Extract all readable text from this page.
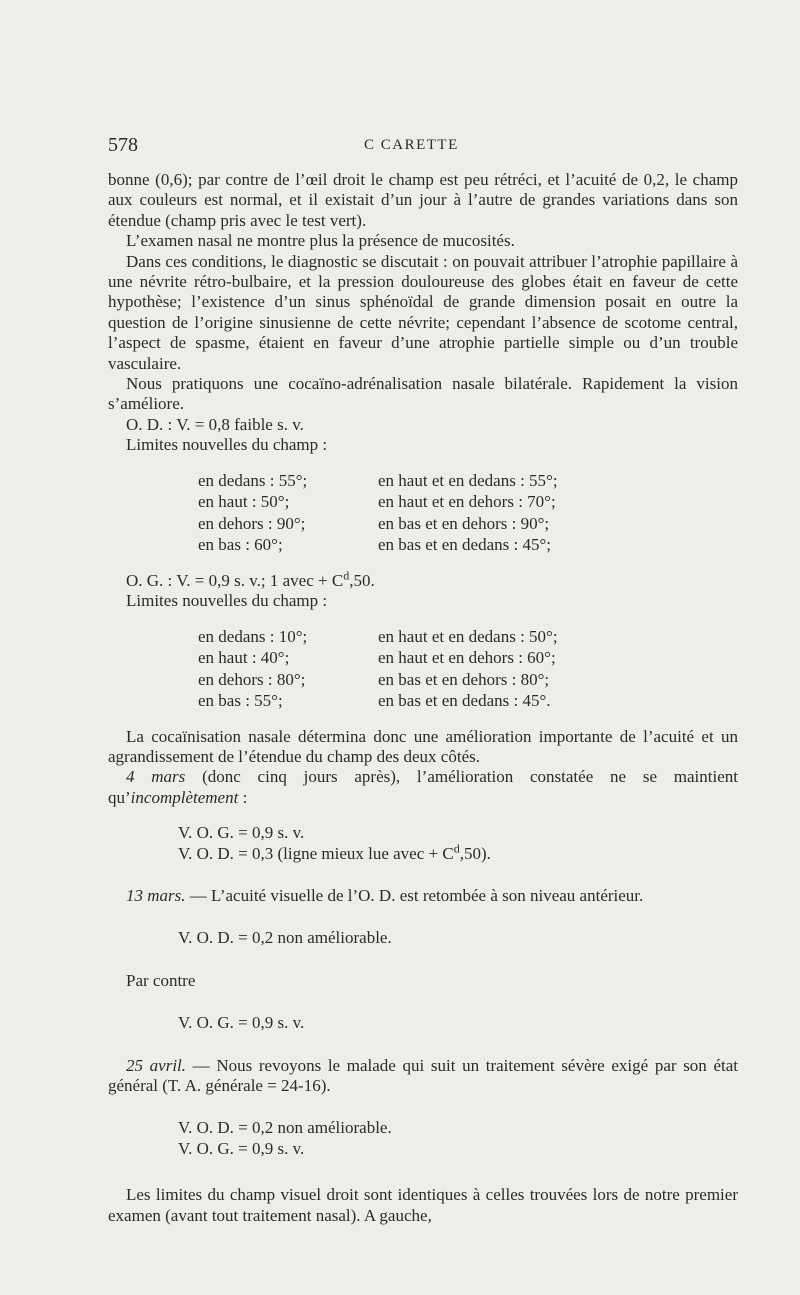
578	C CARETTE

bonne (0,6); par contre de l’œil droit le champ est peu rétréci, et l’acuité de 0,2, le champ aux couleurs est normal, et il existait d’un jour à l’autre de grandes variations dans son étendue (champ pris avec le test vert).

L’examen nasal ne montre plus la présence de mucosités.

Dans ces conditions, le diagnostic se discutait : on pouvait attribuer l’atrophie papillaire à une névrite rétro-bulbaire, et la pression douloureuse des globes était en faveur de cette hypothèse; l’existence d’un sinus sphénoïdal de grande dimension posait en outre la question de l’origine sinusienne de cette névrite; cependant l’absence de scotome central, l’aspect de spasme, étaient en faveur d’une atrophie partielle simple ou d’un trouble vasculaire.

Nous pratiquons une cocaïno-adrénalisation nasale bilatérale. Rapidement la vision s’améliore.

O. D. : V. = 0,8 faible s. v.

Limites nouvelles du champ :

en dedans : 55°;	en haut et en dedans : 55°;
en haut : 50°;	en haut et en dehors : 70°;
en dehors : 90°;	en bas et en dehors : 90°;
en bas : 60°;	en bas et en dedans : 45°;

O. G. : V. = 0,9 s. v.; 1 avec + $C^d,50$.

Limites nouvelles du champ :

en dedans : 10°;	en haut et en dedans : 50°;
en haut : 40°;	en haut et en dehors : 60°;
en dehors : 80°;	en bas et en dehors : 80°;
en bas : 55°;	en bas et en dedans : 45°.

La cocaïnisation nasale détermina donc une amélioration importante de l’acuité et un agrandissement de l’étendue du champ des deux côtés.

4 mars (donc cinq jours après), l’amélioration constatée ne se maintient qu’incomplètement :

V. O. G. = 0,9 s. v.

V. O. D. = 0,3 (ligne mieux lue avec + $C^d,50$).

13 mars. — L’acuité visuelle de l’O. D. est retombée à son niveau antérieur.

V. O. D. = 0,2 non améliorable.

Par contre

V. O. G. = 0,9 s. v.

25 avril. — Nous revoyons le malade qui suit un traitement sévère exigé par son état général (T. A. générale = 24-16).

V. O. D. = 0,2 non améliorable.

V. O. G. = 0,9 s. v.

Les limites du champ visuel droit sont identiques à celles trouvées lors de notre premier examen (avant tout traitement nasal). A gauche,
